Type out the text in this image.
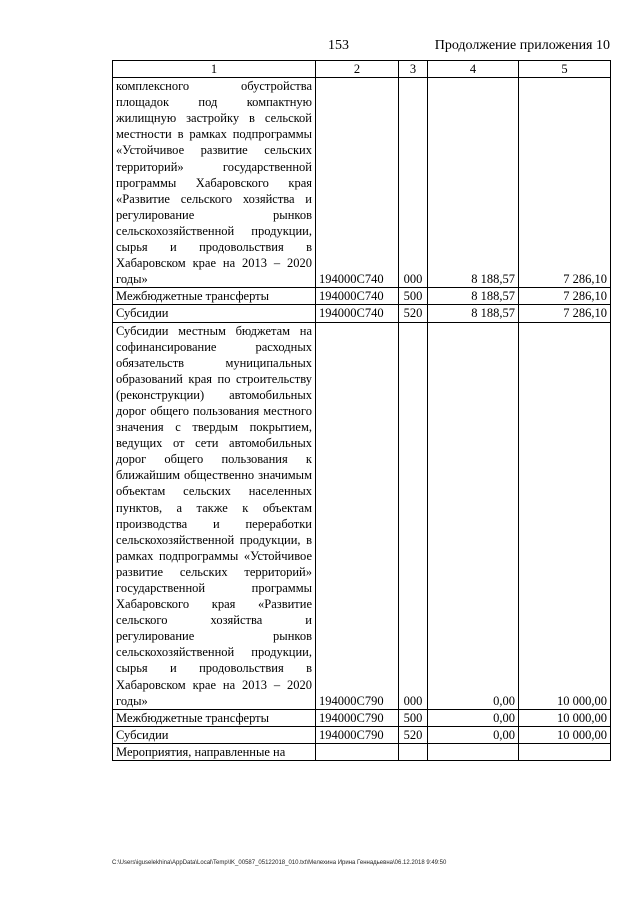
153	Продолжение приложения 10
1	2	3	4	5
комплексного обустройства площадок под компактную жилищную застройку в сельской местности в рамках подпрограммы «Устойчивое развитие сельских территорий» государственной программы Хабаровского края «Развитие сельского хозяйства и регулирование рынков сельскохозяйственной продукции, сырья и продовольствия в Хабаровском крае на 2013 – 2020 годы»	194000С740	000	8 188,57	7 286,10
Межбюджетные трансферты	194000С740	500	8 188,57	7 286,10
Субсидии	194000С740	520	8 188,57	7 286,10
Субсидии местным бюджетам на софинансирование расходных обязательств муниципальных образований края по строительству (реконструкции) автомобильных дорог общего пользования местного значения с твердым покрытием, ведущих от сети автомобильных дорог общего пользования к ближайшим общественно значимым объектам сельских населенных пунктов, а также к объектам производства и переработки сельскохозяйственной продукции, в рамках подпрограммы «Устойчивое развитие сельских территорий» государственной программы Хабаровского края «Развитие сельского хозяйства и регулирование рынков сельскохозяйственной продукции, сырья и продовольствия в Хабаровском крае на 2013 – 2020 годы»	194000С790	000	0,00	10 000,00
Межбюджетные трансферты	194000С790	500	0,00	10 000,00
Субсидии	194000С790	520	0,00	10 000,00
Мероприятия, направленные на				
C:\Users\iguselekhina\AppData\Local\Temp\IK_00587_05122018_010.txt\Мелехина Ирина Геннадьевна\06.12.2018 9:49:50
